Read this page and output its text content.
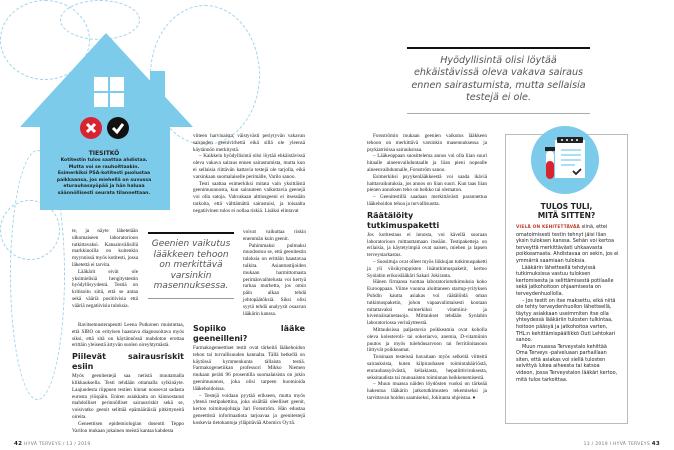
TIESITKÖ
Kotitestin tulos saattaa ahdistaa. Mutta voi se rauhoittaakin. Esimerkiksi PSA-kotitesti puolustaa paikkaansa, jos miehellä on suvussa eturauhassyöpää ja hän haluaa säännöllisesti seurata tilannettaan.

viiteen harvinaista, väistyvästi periytyvän vakavan sairauden geenivirhettä eikä sillä ole yleensä käytännön merkitystä.

– Kaikkein hyödyllisintä olisi löytää ehkäistävissä oleva vakava sairaus ennen sairastumista, mutta kun ei sellaisia riittävän kattavia testejä ole tarjolla, eikä varsinkaan suomalaiselle perimälle, Varilo sanoo.

Testi saattaa esimerkiksi mitata vain yksittäistä geenimuunnosta, kun sairauteen vaikuttavia geenejä voi olla satoja. Vahvakaan alttiusgeeni ei itsessään tarkoita, että välttämättä sairastuisi, ja toisaalta negatiivinen tulos ei nollaa riskiä. Lisäksi elintavat

te, ja näyte lähetetään ulkomaiseen laboratorioon tutkittavaksi. Kansainvälisillä markkinoilla on kuitenkin myynnissä myös kotitesti, jossa lähetettä ei tarvita.

Lääkärit eivät ole yksimielisiä hengitystestin hyödyllisyydestä. Testiä on kritisoitu siitä, että se antaa sekä vääriä positiivisia että vääriä negatiivisia tuloksia.

Geenien vaikutus lääkkeen tehoon on merkittävä varsinkin masennuksessa.

voivat vaikuttaa riskin enemmän kuin geenit.

Pahimmaksi pulmaksi muodostuu se, että geenitestin tuloksia on erittäin haastavaa tulkita. Asiantuntijoiden mukaan harmittomasta perimänvaihtelusta voi kertyä turhaa murhetta, jos omin päin alkaa tehdä johtopäätöksiä. Siksi olisi syytä tehdä analyysit osaavan lääkärin kanssa.

Ravitsemusterapeutti Leena Putkonen muistuttaa, että SIBO on erityisen haastava diagnosoitava myös siksi, että sitä on käytännössä mahdoton erottaa erittäin yleisestä ärtyvän suolen oireyhtymästä.

Piilevät sairausriskit esiin

Myös geenitestejä saa netistä muutamalla klikkauksella. Testi tehdään ottamalla sylkinäyte. Laajuudesta riippuen testien hinnat nousevat sadasta eurosta ylöspäin. Eniten asiakkaita on kiinnostanut mahdolliset perinnölliset sairausriskit sekä se, voisivatko geenit selittää epämääräisiä pitkittyneitä oireita.

Geneettisen epidemiologian dosentti Teppo Varilon mukaan jokainen meistä kantaa kahdesta

Sopiiko lääke geeneilleni?

Farmakogeneettiset testit ovat tärkeitä lääkehoidon tehon tai turvallisuuden kannalta. Tällä hetkellä on käytössä kymmenkunta tällaista testiä. Farmakogenetiikan professori Mikko Niemen mukaan peräti 96 prosentilla suomalaisista on jokin geenimuunnos, joka olisi tarpeen huomioida lääkehoidoissa.

– Testejä voidaan pyytää erikseen, mutta myös yhtenä testipakettina, joka sisältää oleelliset geenit, kertoo toimitusjohtaja Jari Forsström. Hän edustaa geneettistä informaatiota tarjoavaa ja geenitestejä koskevia tietokantoja ylläpitävää Abomics Oy:tä.

42 HYVÄ TERVEYS / 13 / 2019
Hyödyllisintä olisi löytää ehkäistävissä oleva vakava sairaus ennen sairastumista, mutta sellaisia testejä ei ole.

Forsströmin mukaan geenien vaikutus lääkkeen tehoon on merkittävä varsinkin masennuksessa ja psykiatrisissa sairauksissa.

– Lääkeoppaan suosittelema annos voi olla liian suuri hitaalle aineenvaihduntaalle ja liian pieni nopealle aineenvaihdunnalle, Forsström sanoo.

Esimerkiksi psyykenlääkkeestä voi saada ikäviä haittavaikutuksia, jos annos on liian suuri. Kun taas liian pienen annoksen teho on heikko tai olematon.

– Geenitestillä saadaan merkittävästi parannettua lääkehoidon tehoa ja turvallisuutta.

Räätälöity tutkimuspaketti

Jos kotitestaus ei innosta, voi kävellä suoraan laboratorioon mittauttamaan itseään. Testipaketteja on erilaisia, ja käytetyimpiä ovat naisen, miehen ja lapsen terveystarkastus.

– Suosittuja ovat olleet myös liikkujan tutkimuspaketti ja yli viisikymppisten lisätutkimuspaketit, kertoo Synlabin erikoislääkäri Sakari Jokiranta.

Hänen firmansa tuottaa laboratoriotutkimuksia koko Eurooppaan. Viime vuonna aloittaneen startup-yrityksen Puhdin kautta asiakas voi räätälöidä oman tutkimuspaketin, johon vapaavalintaisesti kootaan mitattavaksi esimerkiksi vitamiini- ja kivennäisainetasoja. Mittaukset tehdään Synlabin laboratoriossa verinäytteestä.

Mittauksissa paljastuvia poikkeamia ovat kohollа oleva kolesteroli- tai sokeriarvo, anemia, D-vitamiinin puutos ja myös tulehdusarvoon tai ferritiinitasoon liittyvät poikkeamat.

Toisinaan testeissä havaitaan myös selkeitä viitteitä sairauksista, kuten kilpirauhasen toimintahäiriöstä, eturauhassyövästä, keliakiasta, hepatiittiviruksesta, seksitaudista tai munuaisten toiminnan heikkenemisestä.

– Muun muassa näiden löydösten vuoksi on tärkeää hakeutua lääkärin jatkotutkimusten tekemiseksi ja tarvittavan hoidon saamiseksi, Jokiranta ohjeistaa. ♦

TULOS TULI,
MITÄ SITTEN?

VIELÄ ON KEHITETTÄVÄÄ siinä, ettei omatoimisesti testin tehnyt jäisi liian yksin tuloksen kanssa. Sehän voi kertoa terveyttä merkittävästi uhkaavasta poikkeamasta. Ahdistavaa on sekin, jos ei ymmärrä saamiaan tuloksia.

Lääkärin lähetteellä tehdyissä tutkimuksissa vastuu tuloksen kertomisesta ja selittämisestä potilaalle sekä jatkohoitoon ohjaamisesta on terveydenhuollolla.

– Jos testit on itse maksettu, eikä niitä ole tehty terveydenhuollon lähetteellä, täytyy asiakkaan useimmiten itse olla yhteydessä lääkäriin tulosten tulkintaa, hoitoon pääsyä ja jatkohoitoa varten, THL:n kehittämispäällikkö Outi Lehtokari sanoo.

Muun muassa Terveystalo kehittää Oma Terveys -palveluaan parhaillaan siten, että asiakas voi siellä tulosten selvittyä lukea aiheesta tai katsoa videon, jossa Terveystalon lääkäri kertoo, mitä tulos tarkoittaa.

13 / 2019 I HYVÄ TERVEYS 43
